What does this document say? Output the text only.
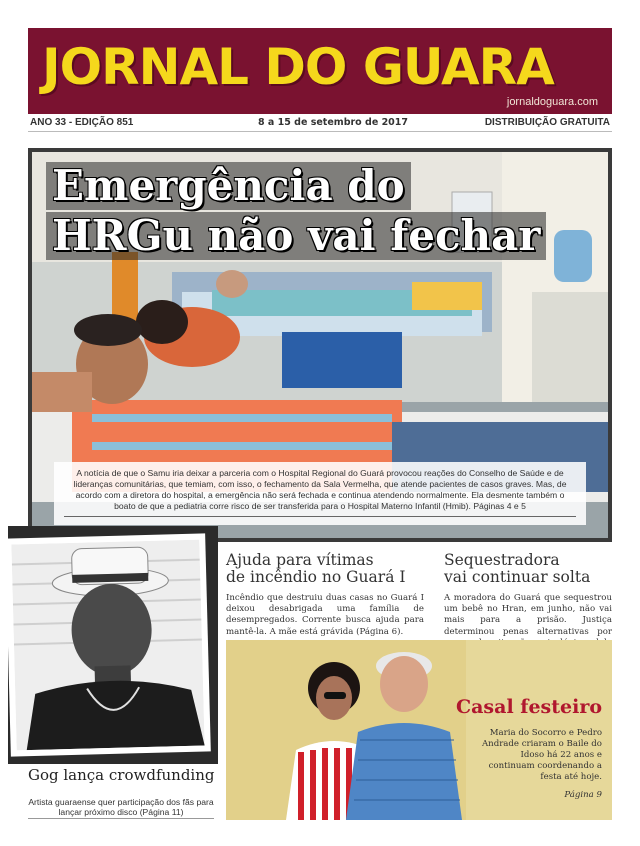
JORNAL DO GUARA
jornaldoguara.com
ANO 33 - EDIÇÃO 851	8 a 15 de setembro de 2017	DISTRIBUIÇÃO GRATUITA
Emergência do
HRGu não vai fechar
A notícia de que o Samu iria deixar a parceria com o Hospital Regional do Guará provocou reações do Conselho de Saúde e de lideranças comunitárias, que temiam, com isso, o fechamento da Sala Vermelha, que atende pacientes de casos graves. Mas, de acordo com a diretora do hospital, a emergência não será fechada e continua atendendo normalmente. Ela desmente também o boato de que a pediatria corre risco de ser transferida para o Hospital Materno Infantil (Hmib). Páginas 4 e 5
Gog lança crowdfunding
Artista guaraense quer participação dos fãs para lançar próximo disco (Página 11)
Ajuda para vítimas
de incêndio no Guará I
Incêndio que destruiu duas casas no Guará I deixou desabrigada uma família de desempregados. Corrente busca ajuda para mantê-la. A mãe está grávida (Página 6).
Sequestradora
vai continuar solta
A moradora do Guará que sequestrou um bebê no Hran, em junho, não vai mais para a prisão. Justiça determinou penas alternativas por
Casal festeiro
Maria do Socorro e Pedro Andrade criaram o Baile do Idoso há 22 anos e continuam coordenando a festa até hoje.
Página 9
